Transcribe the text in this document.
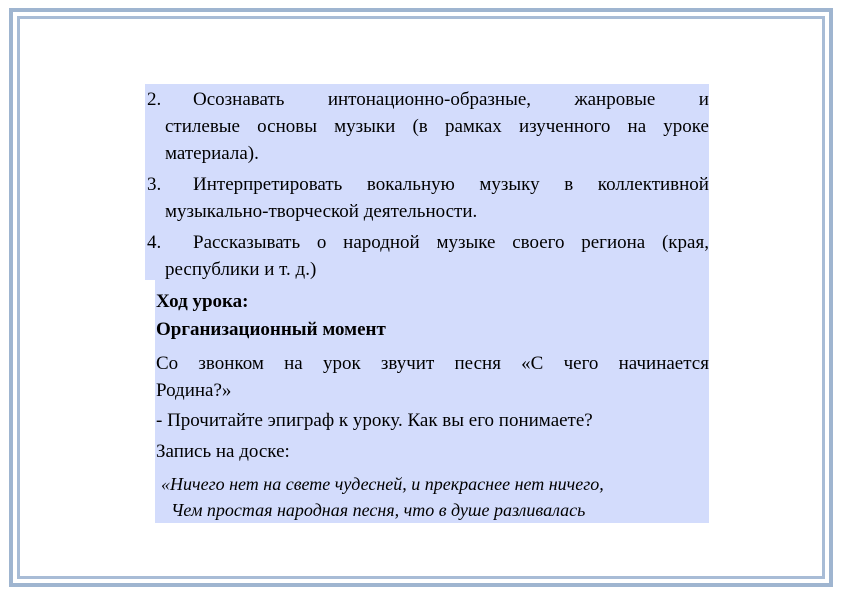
2.	Осознавать интонационно-образные, жанровые и
стилевые основы музыки (в рамках изученного на уроке
материала).
3.	Интерпретировать вокальную музыку в коллективной
музыкально-творческой деятельности.
4.	Рассказывать о народной музыке своего региона (края,
республики и т. д.)
Ход урока:
Организационный момент
Со звонком на урок звучит песня «С чего начинается
Родина?»
- Прочитайте эпиграф к уроку. Как вы его понимаете?
Запись на доске:
«Ничего нет на свете чудесней, и прекраснее нет ничего,
Чем простая народная песня, что в душе разливалась
